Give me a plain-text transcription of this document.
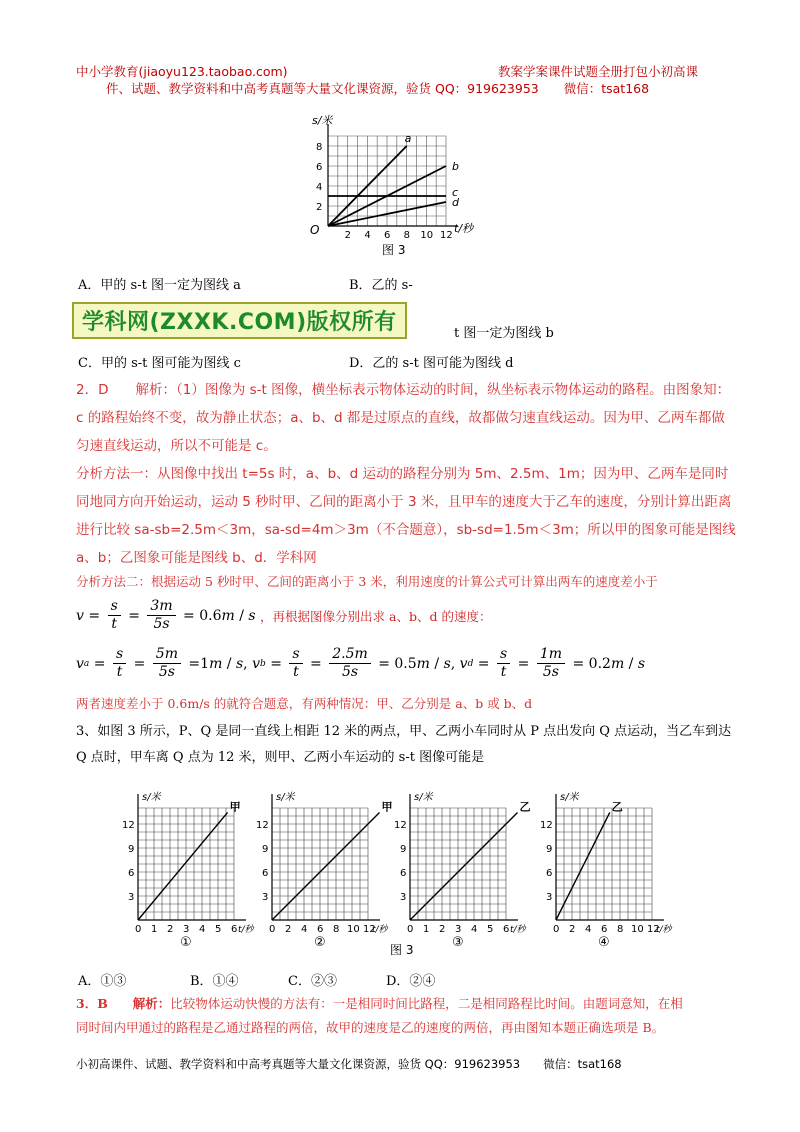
中小学教育(jiaoyu123.taobao.com)	教案学案课件试题全册打包小初高课
件、试题、教学资料和中高考真题等大量文化课资源，验货 QQ：919623953　　微信：tsat168
s/米
O	t/秒
图 3
2
4
6
8
2 4 6 8 10 12
a
b
c
d
A．甲的 s-t 图一定为图线 a	B．乙的 s-
学科网(ZXXK.COM)版权所有	t 图一定为图线 b
C．甲的 s-t 图可能为图线 c	D．乙的 s-t 图可能为图线 d
2．D　　解析：（1）图像为 s-t 图像，横坐标表示物体运动的时间，纵坐标表示物体运动的路程。由图象知：c 的路程始终不变，故为静止状态；a、b、d 都是过原点的直线，故都做匀速直线运动。因为甲、乙两车都做匀速直线运动，所以不可能是 c。
分析方法一：从图像中找出 t=5s 时，a、b、d 运动的路程分别为 5m、2.5m、1m；因为甲、乙两车是同时同地同方向开始运动，运动 5 秒时甲、乙间的距离小于 3 米，且甲车的速度大于乙车的速度，分别计算出距离进行比较 sa-sb=2.5m＜3m，sa-sd=4m＞3m（不合题意），sb-sd=1.5m＜3m；所以甲的图象可能是图线 a、b；乙图象可能是图线 b、d．学科网
分析方法二：根据运动 5 秒时甲、乙间的距离小于 3 米，利用速度的计算公式可计算出两车的速度差小于
$v = \frac{s}{t} = \frac{3m}{5s} = 0.6$ m / s
，再根据图像分别出求 a、b、d 的速度：
v $a = \frac{s}{t} = \frac{5m}{5s} =1$ m / s , v $b = \frac{s}{t} = \frac{2.5m}{5s} = 0.5$ m / s , v $d = \frac{s}{t} = \frac{1m}{5s} = 0.2$ m / s
两者速度差小于 0.6m/s 的就符合题意，有两种情况：甲、乙分别是 a、b 或 b、d
3、如图 3 所示，P、Q 是同一直线上相距 12 米的两点，甲、乙两小车同时从 P 点出发向 Q 点运动，当乙车到达
Q 点时，甲车离 Q 点为 12 米，则甲、乙两小车运动的 s-t 图像可能是
图 3
s/米
t/秒
3
6
9
12
0 1 2 3 4 5 6
甲
①
s/米
t/秒
3
6
9
12
0 2 4 6 8 10 12
甲
②
s/米
t/秒
3
6
9
12
0 1 2 3 4 5 6
乙
③
s/米
t/秒
3
6
9
12
0 2 4 6 8 10 12
乙
④
A．①③	B．①④	C．②③	D．②④
3．B　　解析：比较物体运动快慢的方法有：一是相同时间比路程，二是相同路程比时间。由题词意知，在相
同时间内甲通过的路程是乙通过路程的两倍，故甲的速度是乙的速度的两倍，再由图知本题正确选项是 B。
小初高课件、试题、教学资料和中高考真题等大量文化课资源，验货 QQ：919623953　　微信：tsat168
